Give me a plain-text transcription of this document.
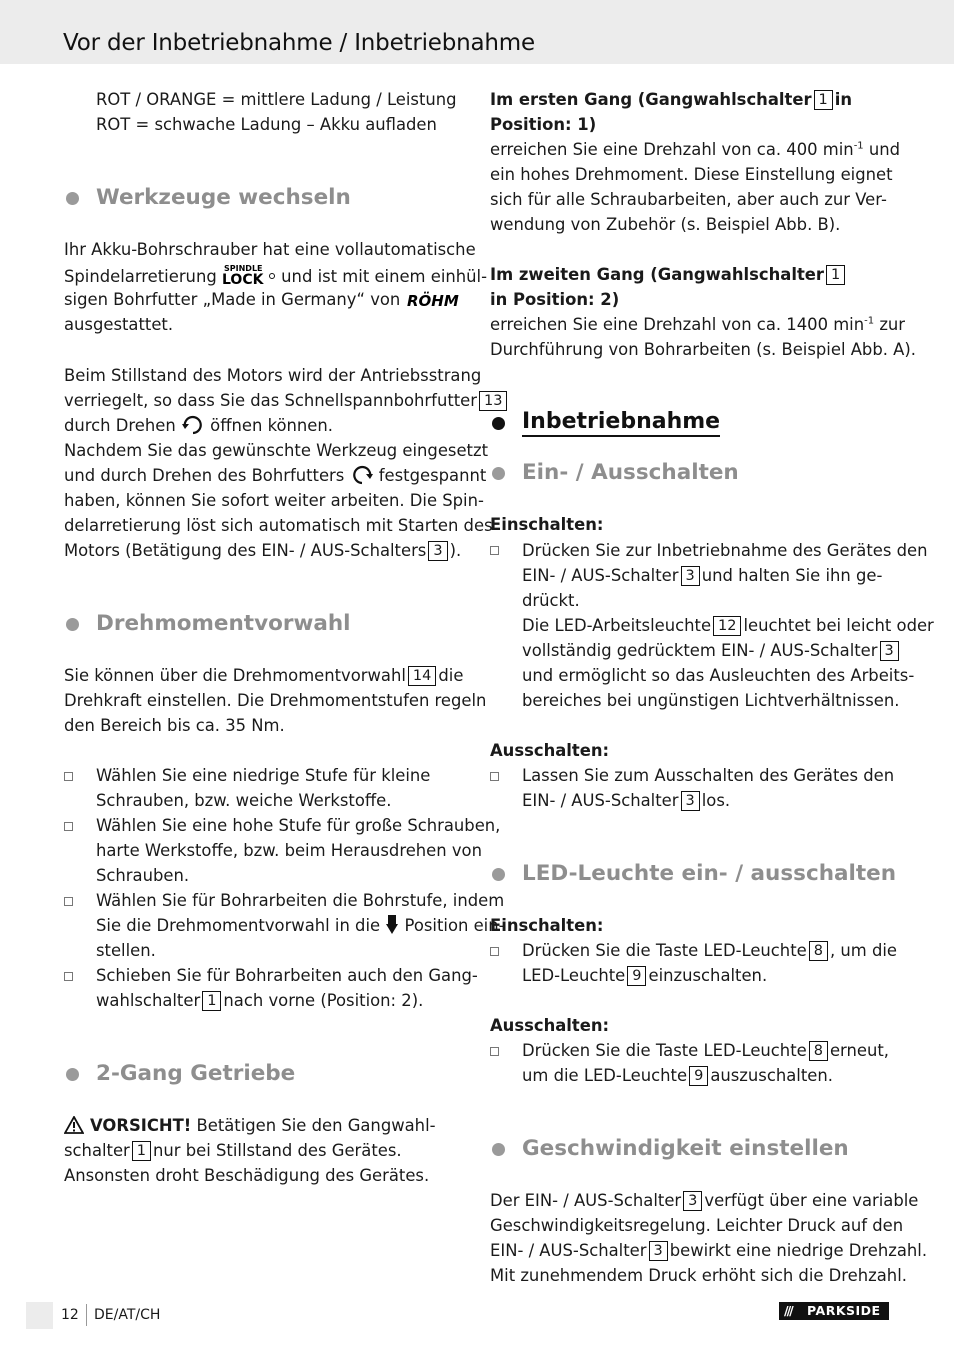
Vor der Inbetriebnahme / Inbetriebnahme
ROT / ORANGE = mittlere Ladung / Leistung
ROT = schwache Ladung – Akku aufladen
Werkzeuge wechseln
Ihr Akku-Bohrschrauber hat eine vollautomatische
Spindelarretierung SPINDLE
LOCK und ist mit einem einhül-
sigen Bohrfutter „Made in Germany“ von RÖHM
ausgestattet.
Beim Stillstand des Motors wird der Antriebsstrang
verriegelt, so dass Sie das Schnellspannbohrfutter 13
durch Drehen öffnen können.
Nachdem Sie das gewünschte Werkzeug eingesetzt
und durch Drehen des Bohrfutters festgespannt
haben, können Sie sofort weiter arbeiten. Die Spin-
delarretierung löst sich automatisch mit Starten des
Motors (Betätigung des EIN- / AUS-Schalters 3 ).
Drehmomentvorwahl
Sie können über die Drehmomentvorwahl 14 die
Drehkraft einstellen. Die Drehmomentstufen regeln
den Bereich bis ca. 35 Nm.
Wählen Sie eine niedrige Stufe für kleine
Schrauben, bzw. weiche Werkstoffe.
Wählen Sie eine hohe Stufe für große Schrauben,
harte Werkstoffe, bzw. beim Herausdrehen von
Schrauben.
Wählen Sie für Bohrarbeiten die Bohrstufe, indem
Sie die Drehmomentvorwahl in die Position ein-
stellen.
Schieben Sie für Bohrarbeiten auch den Gang-
wahlschalter 1 nach vorne (Position: 2).
2-Gang Getriebe
VORSICHT! Betätigen Sie den Gangwahl-
schalter 1 nur bei Stillstand des Gerätes.
Ansonsten droht Beschädigung des Gerätes.
Im ersten Gang (Gangwahlschalter 1 in
Position: 1)
erreichen Sie eine Drehzahl von ca. 400 $\min^{-1}$ und
ein hohes Drehmoment. Diese Einstellung eignet
sich für alle Schraubarbeiten, aber auch zur Ver-
wendung von Zubehör (s. Beispiel Abb. B).
Im zweiten Gang (Gangwahlschalter 1
in Position: 2)
erreichen Sie eine Drehzahl von ca. 1400 $\min^{-1}$ zur
Durchführung von Bohrarbeiten (s. Beispiel Abb. A).
Inbetriebnahme
Ein- / Ausschalten
Einschalten:
Drücken Sie zur Inbetriebnahme des Gerätes den
EIN- / AUS-Schalter 3 und halten Sie ihn ge-
drückt.
Die LED-Arbeitsleuchte 12 leuchtet bei leicht oder
vollständig gedrücktem EIN- / AUS-Schalter 3
und ermöglicht so das Ausleuchten des Arbeits-
bereiches bei ungünstigen Lichtverhältnissen.
Ausschalten:
Lassen Sie zum Ausschalten des Gerätes den
EIN- / AUS-Schalter 3 los.
LED-Leuchte ein- / ausschalten
Einschalten:
Drücken Sie die Taste LED-Leuchte 8 , um die
LED-Leuchte 9 einzuschalten.
Ausschalten:
Drücken Sie die Taste LED-Leuchte 8 erneut,
um die LED-Leuchte 9 auszuschalten.
Geschwindigkeit einstellen
Der EIN- / AUS-Schalter 3 verfügt über eine variable
Geschwindigkeitsregelung. Leichter Druck auf den
EIN- / AUS-Schalter 3 bewirkt eine niedrige Drehzahl.
Mit zunehmendem Druck erhöht sich die Drehzahl.
12 DE/AT/CH	/// PARKSIDE
